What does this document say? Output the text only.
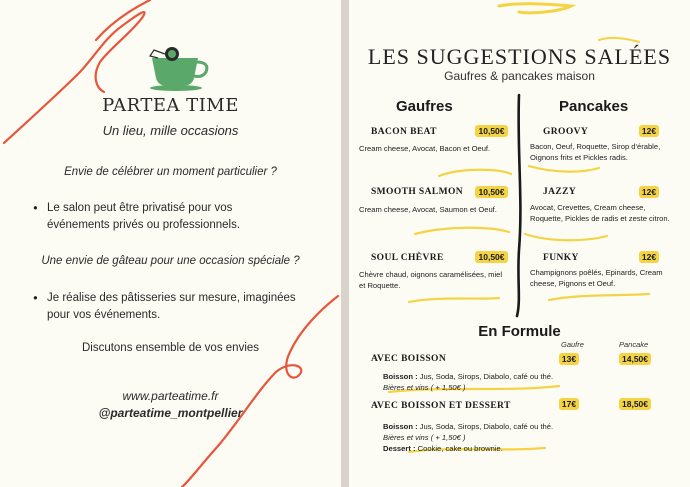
PARTEA TIME
Un lieu, mille occasions
Envie de célébrer un moment particulier ?
• Le salon peut être privatisé pour vos
événements privés ou professionnels.
Une envie de gâteau pour une occasion spéciale ?
• Je réalise des pâtisseries sur mesure, imaginées
pour vos événements.
Discutons ensemble de vos envies
www.parteatime.fr
@parteatime_montpellier
LES SUGGESTIONS SALÉES
Gaufres & pancakes maison
Gaufres	Pancakes
BACON BEAT	10,50€
Cream cheese, Avocat, Bacon et Oeuf.
SMOOTH SALMON	10,50€
Cream cheese, Avocat, Saumon et Oeuf.
SOUL CHÈVRE	10,50€
Chèvre chaud, oignons caramélisées, miel
et Roquette.
GROOVY	12€
Bacon, Oeuf, Roquette, Sirop d'érable,
Oignons frits et Pickles radis.
JAZZY	12€
Avocat, Crevettes, Cream cheese,
Roquette, Pickles de radis et zeste citron.
FUNKY	12€
Champignons poêlés, Epinards, Cream
cheese, Pignons et Oeuf.
En Formule
Gaufre	Pancake
AVEC BOISSON	13€	14,50€
Boisson : Jus, Soda, Sirops, Diabolo, café ou thé.
Bières et vins ( + 1,50€ )
AVEC BOISSON ET DESSERT	17€	18,50€
Boisson : Jus, Soda, Sirops, Diabolo, café ou thé.
Bières et vins ( + 1,50€ )
Dessert : Cookie, cake ou brownie.
